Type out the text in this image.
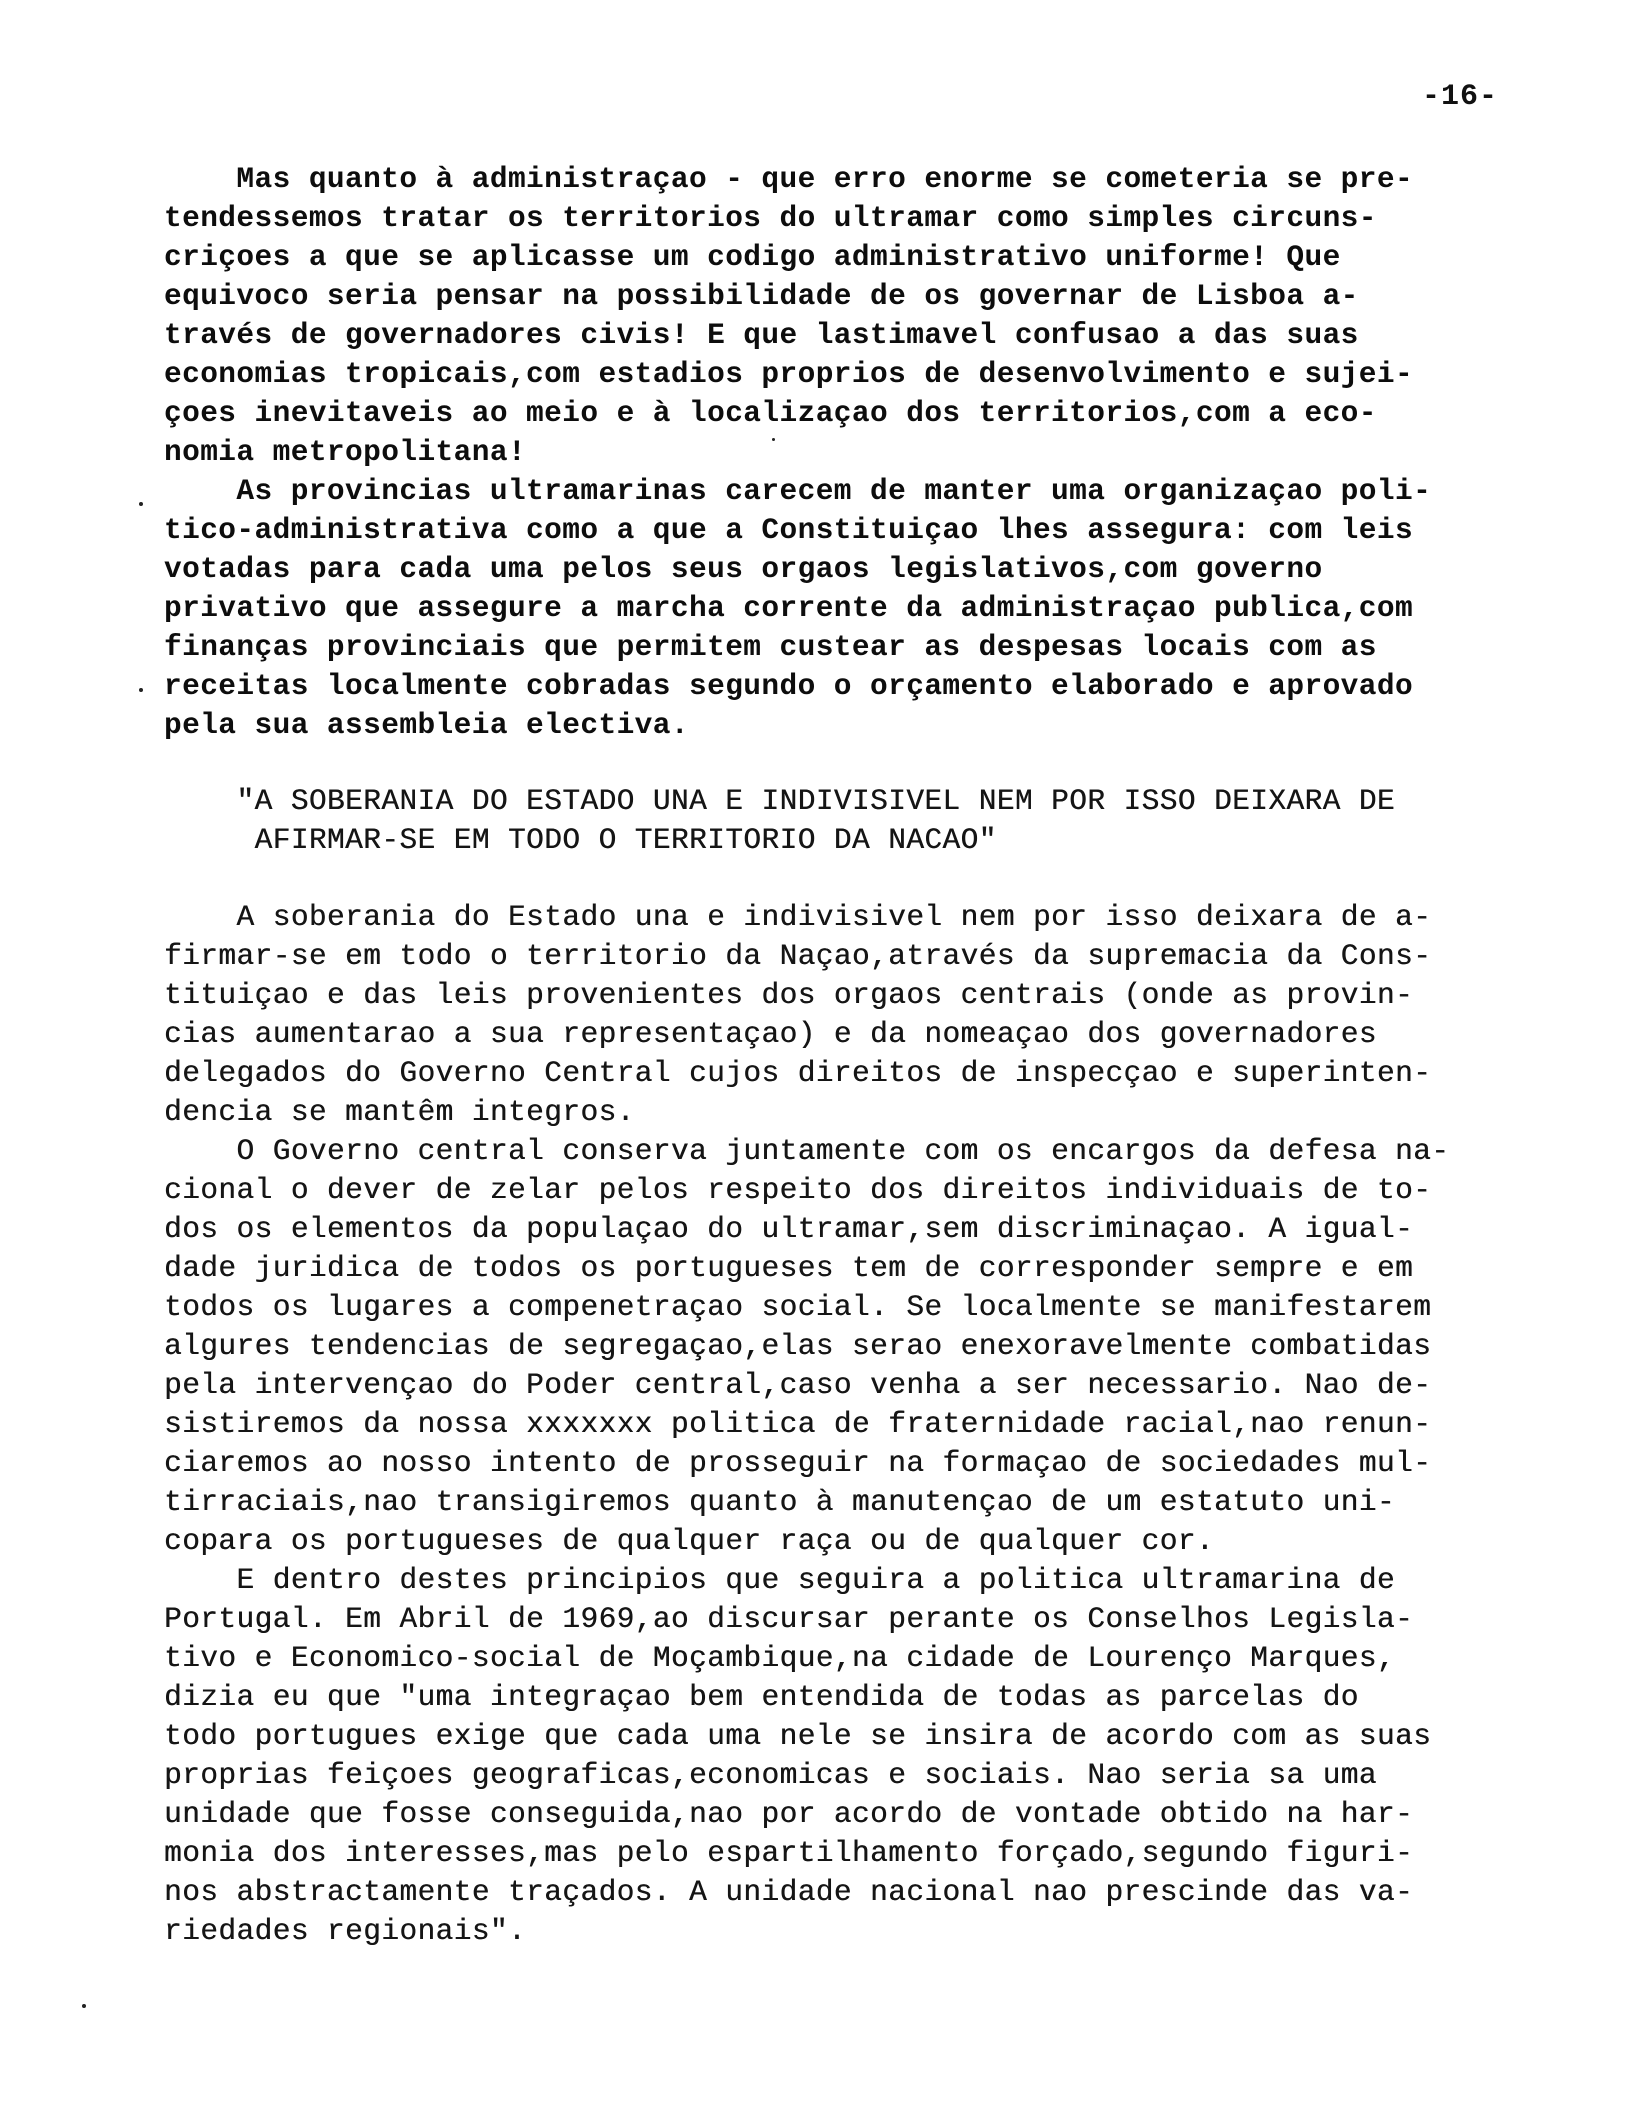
-16-
Mas quanto à administraçao - que erro enorme se cometeria se pre-
tendessemos tratar os territorios do ultramar como simples circuns-
criçoes a que se aplicasse um codigo administrativo uniforme! Que
equivoco seria pensar na possibilidade de os governar de Lisboa a-
través de governadores civis! E que lastimavel confusao a das suas
economias tropicais,com estadios proprios de desenvolvimento e sujei-
çoes inevitaveis ao meio e à localizaçao dos territorios,com a eco-
nomia metropolitana!
As provincias ultramarinas carecem de manter uma organizaçao poli-
tico-administrativa como a que a Constituiçao lhes assegura: com leis
votadas para cada uma pelos seus orgaos legislativos,com governo
privativo que assegure a marcha corrente da administraçao publica,com
finanças provinciais que permitem custear as despesas locais com as
receitas localmente cobradas segundo o orçamento elaborado e aprovado
pela sua assembleia electiva.
"A SOBERANIA DO ESTADO UNA E INDIVISIVEL NEM POR ISSO DEIXARA DE
AFIRMAR-SE EM TODO O TERRITORIO DA NACAO"
A soberania do Estado una e indivisivel nem por isso deixara de a-
firmar-se em todo o territorio da Naçao,através da supremacia da Cons-
tituiçao e das leis provenientes dos orgaos centrais (onde as provin-
cias aumentarao a sua representaçao) e da nomeaçao dos governadores
delegados do Governo Central cujos direitos de inspecçao e superinten-
dencia se mantêm integros.
O Governo central conserva juntamente com os encargos da defesa na-
cional o dever de zelar pelos respeito dos direitos individuais de to-
dos os elementos da populaçao do ultramar,sem discriminaçao. A igual-
dade juridica de todos os portugueses tem de corresponder sempre e em
todos os lugares a compenetraçao social. Se localmente se manifestarem
algures tendencias de segregaçao,elas serao enexoravelmente combatidas
pela intervençao do Poder central,caso venha a ser necessario. Nao de-
sistiremos da nossa xxxxxxx politica de fraternidade racial,nao renun-
ciaremos ao nosso intento de prosseguir na formaçao de sociedades mul-
tirraciais,nao transigiremos quanto à manutençao de um estatuto uni-
copara os portugueses de qualquer raça ou de qualquer cor.
E dentro destes principios que seguira a politica ultramarina de
Portugal. Em Abril de 1969,ao discursar perante os Conselhos Legisla-
tivo e Economico-social de Moçambique,na cidade de Lourenço Marques,
dizia eu que "uma integraçao bem entendida de todas as parcelas do
todo portugues exige que cada uma nele se insira de acordo com as suas
proprias feiçoes geograficas,economicas e sociais. Nao seria sa uma
unidade que fosse conseguida,nao por acordo de vontade obtido na har-
monia dos interesses,mas pelo espartilhamento forçado,segundo figuri-
nos abstractamente traçados. A unidade nacional nao prescinde das va-
riedades regionais".
